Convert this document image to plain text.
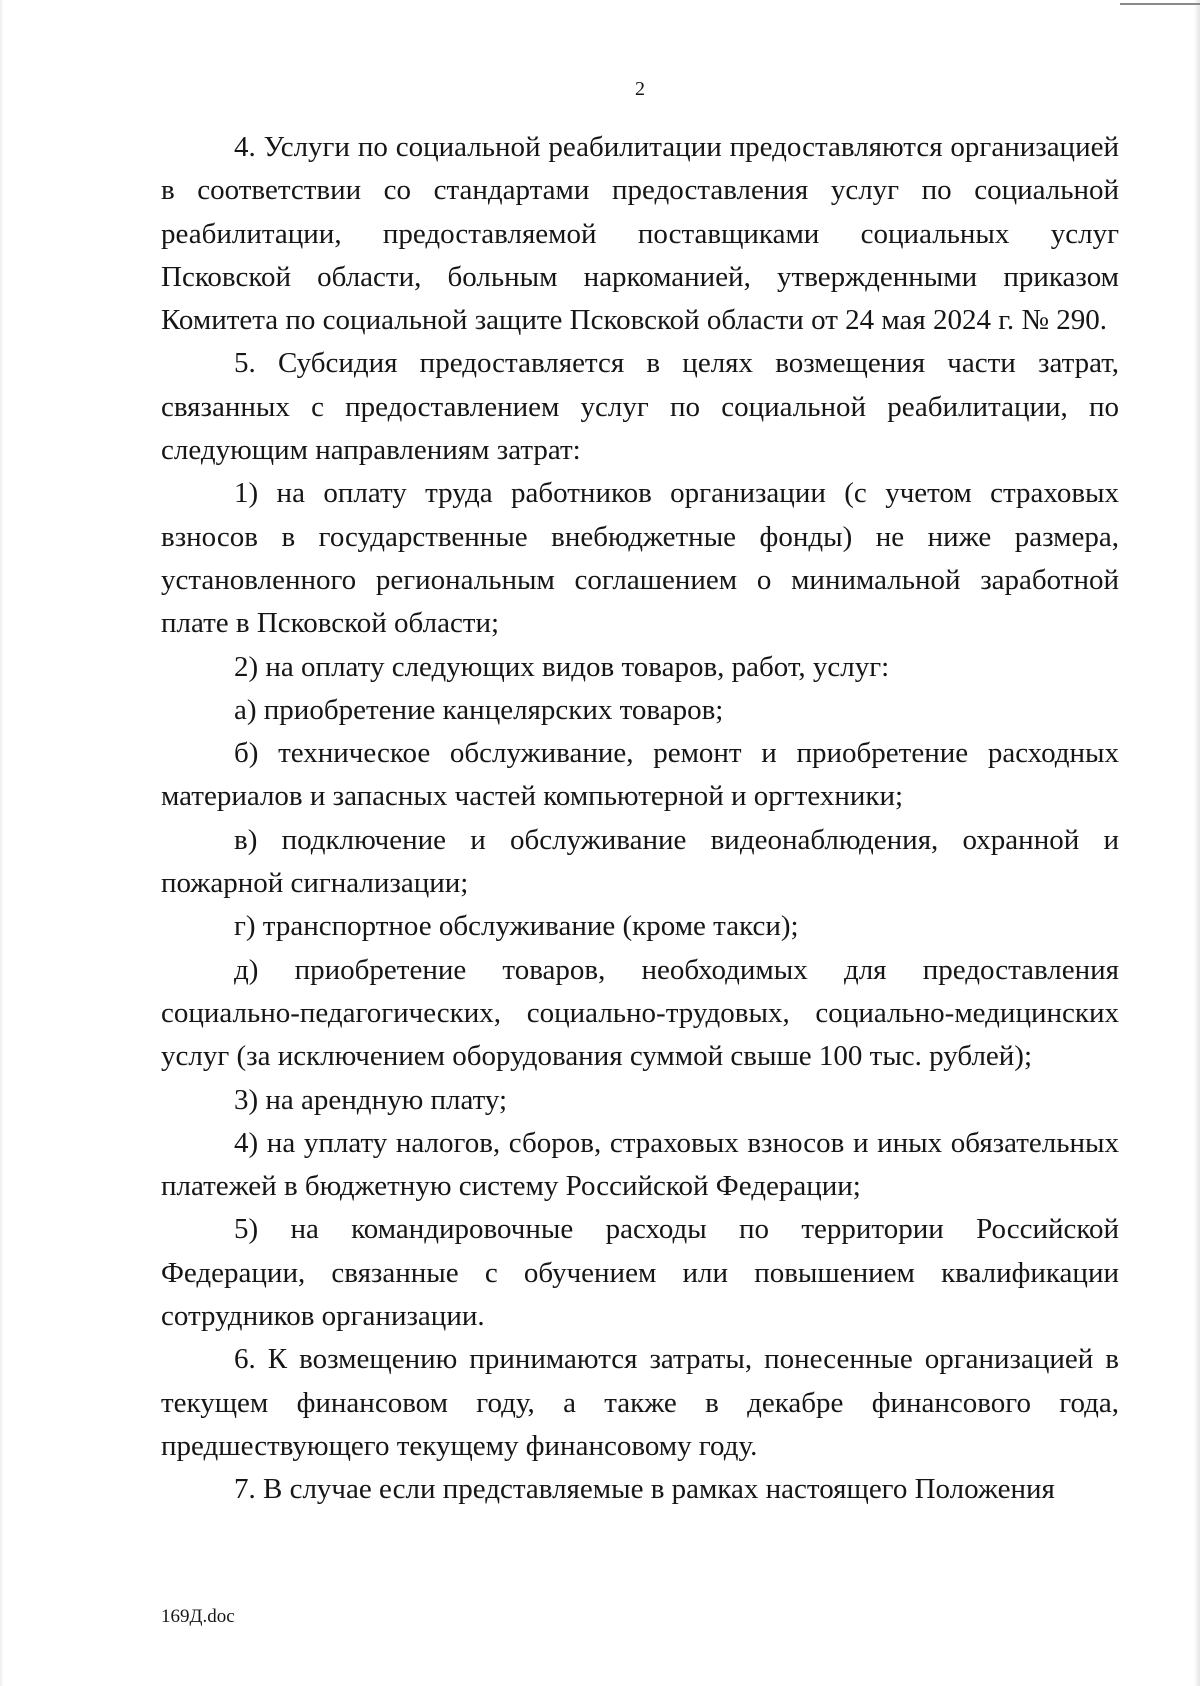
2

4. Услуги по социальной реабилитации предоставляются организацией в соответствии со стандартами предоставления услуг по социальной реабилитации, предоставляемой поставщиками социальных услуг Псковской области, больным наркоманией, утвержденными приказом Комитета по социальной защите Псковской области от 24 мая 2024 г. № 290.

5. Субсидия предоставляется в целях возмещения части затрат, связанных с предоставлением услуг по социальной реабилитации, по следующим направлениям затрат:

1) на оплату труда работников организации (с учетом страховых взносов в государственные внебюджетные фонды) не ниже размера, установленного региональным соглашением о минимальной заработной плате в Псковской области;

2) на оплату следующих видов товаров, работ, услуг:

а) приобретение канцелярских товаров;

б) техническое обслуживание, ремонт и приобретение расходных материалов и запасных частей компьютерной и оргтехники;

в) подключение и обслуживание видеонаблюдения, охранной и пожарной сигнализации;

г) транспортное обслуживание (кроме такси);

д) приобретение товаров, необходимых для предоставления социально-педагогических, социально-трудовых, социально-медицинских услуг (за исключением оборудования суммой свыше 100 тыс. рублей);

3) на арендную плату;

4) на уплату налогов, сборов, страховых взносов и иных обязательных платежей в бюджетную систему Российской Федерации;

5) на командировочные расходы по территории Российской Федерации, связанные с обучением или повышением квалификации сотрудников организации.

6. К возмещению принимаются затраты, понесенные организацией в текущем финансовом году, а также в декабре финансового года, предшествующего текущему финансовому году.

7. В случае если представляемые в рамках настоящего Положения

169Д.doc
